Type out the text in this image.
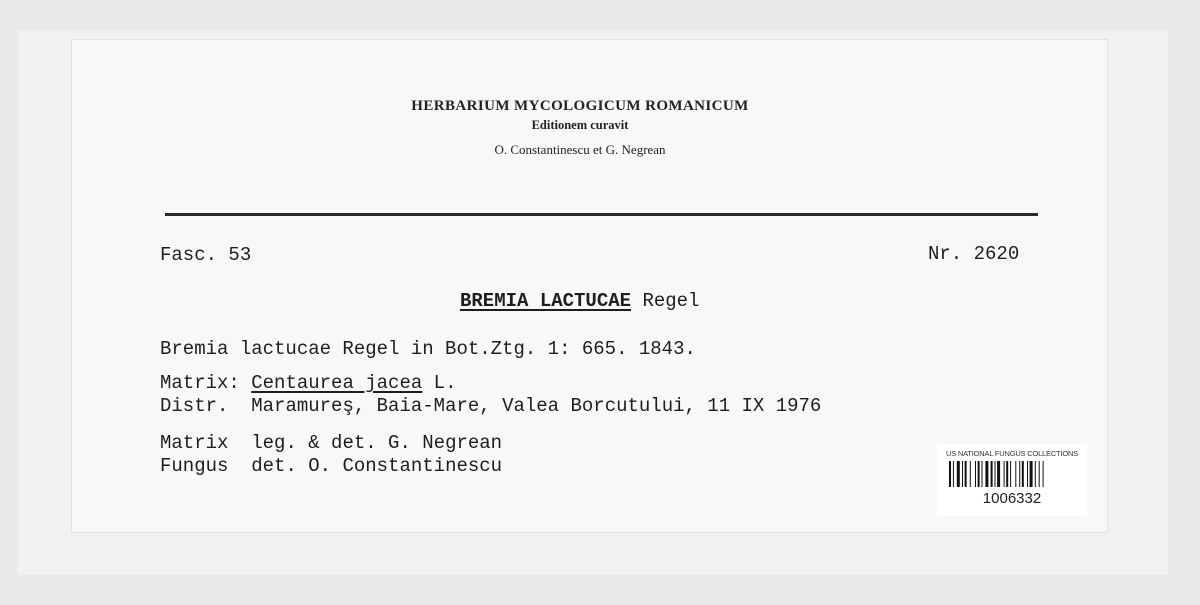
HERBARIUM MYCOLOGICUM ROMANICUM
Editionem curavit
O. Constantinescu et G. Negrean
Fasc. 53	Nr. 2620
BREMIA LACTUCAE Regel
Bremia lactucae Regel in Bot.Ztg. 1: 665. 1843.
Matrix: Centaurea jacea L.
Distr. Maramureş, Baia-Mare, Valea Borcutului, 11 IX 1976
Matrix leg. & det. G. Negrean
Fungus det. O. Constantinescu
US NATIONAL FUNGUS COLLECTIONS
1006332
